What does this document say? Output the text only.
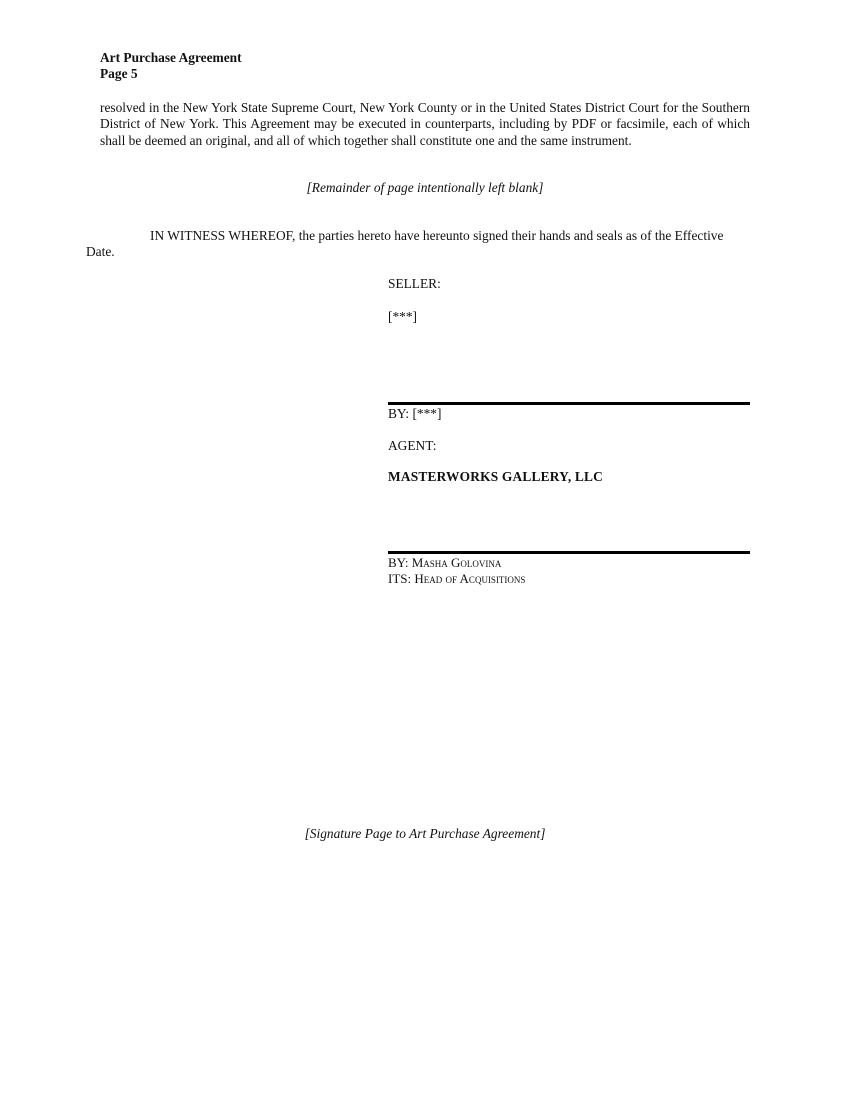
Art Purchase Agreement
Page 5
resolved in the New York State Supreme Court, New York County or in the United States District Court for the Southern District of New York. This Agreement may be executed in counterparts, including by PDF or facsimile, each of which shall be deemed an original, and all of which together shall constitute one and the same instrument.
[Remainder of page intentionally left blank]
IN WITNESS WHEREOF, the parties hereto have hereunto signed their hands and seals as of the Effective
Date.
SELLER:
[***]
BY: [***]
AGENT:
MASTERWORKS GALLERY, LLC
BY: Masha Golovina
ITS: Head of Acquisitions
[Signature Page to Art Purchase Agreement]
